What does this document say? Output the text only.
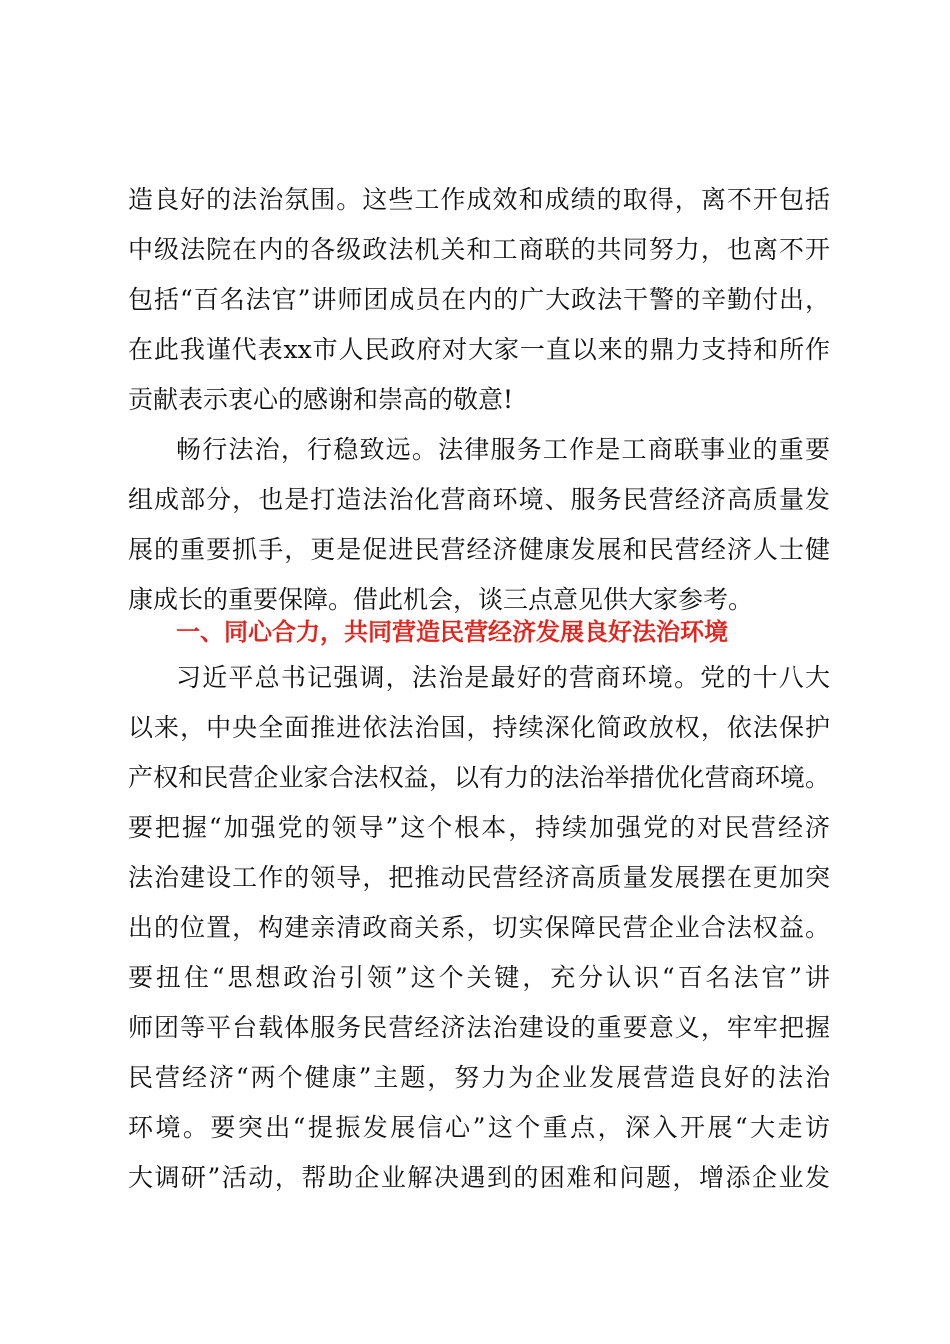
造良好的法治氛围。这些工作成效和成绩的取得，离不开包括
中级法院在内的各级政法机关和工商联的共同努力，也离不开
包括“百名法官”讲师团成员在内的广大政法干警的辛勤付出，
在此我谨代表xx市人民政府对大家一直以来的鼎力支持和所作
贡献表示衷心的感谢和崇高的敬意!
畅行法治，行稳致远。法律服务工作是工商联事业的重要
组成部分，也是打造法治化营商环境、服务民营经济高质量发
展的重要抓手，更是促进民营经济健康发展和民营经济人士健
康成长的重要保障。借此机会，谈三点意见供大家参考。
一、同心合力，共同营造民营经济发展良好法治环境
习近平总书记强调，法治是最好的营商环境。党的十八大
以来，中央全面推进依法治国，持续深化简政放权，依法保护
产权和民营企业家合法权益，以有力的法治举措优化营商环境。
要把握“加强党的领导”这个根本，持续加强党的对民营经济
法治建设工作的领导，把推动民营经济高质量发展摆在更加突
出的位置，构建亲清政商关系，切实保障民营企业合法权益。
要扭住“思想政治引领”这个关键，充分认识“百名法官”讲
师团等平台载体服务民营经济法治建设的重要意义，牢牢把握
民营经济“两个健康”主题，努力为企业发展营造良好的法治
环境。要突出“提振发展信心”这个重点，深入开展“大走访
大调研”活动，帮助企业解决遇到的困难和问题，增添企业发
